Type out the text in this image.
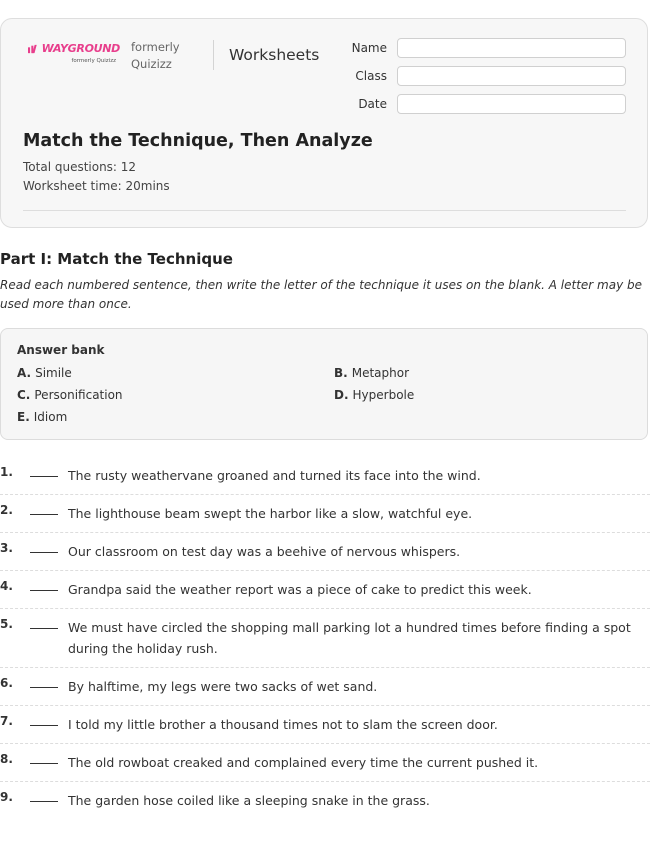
WAYGROUND
formerly Quizizz
formerly
Quizizz	Worksheets	Name
Class
Date
Match the Technique, Then Analyze
Total questions: 12
Worksheet time: 20mins
Part I: Match the Technique
Read each numbered sentence, then write the letter of the technique it uses on the blank. A letter may be used more than once.
Answer bank
A. Simile	B. Metaphor
C. Personification	D. Hyperbole
E. Idiom
1.	The rusty weathervane groaned and turned its face into the wind.
2.	The lighthouse beam swept the harbor like a slow, watchful eye.
3.	Our classroom on test day was a beehive of nervous whispers.
4.	Grandpa said the weather report was a piece of cake to predict this week.
5.	We must have circled the shopping mall parking lot a hundred times before finding a spot during the holiday rush.
6.	By halftime, my legs were two sacks of wet sand.
7.	I told my little brother a thousand times not to slam the screen door.
8.	The old rowboat creaked and complained every time the current pushed it.
9.	The garden hose coiled like a sleeping snake in the grass.
